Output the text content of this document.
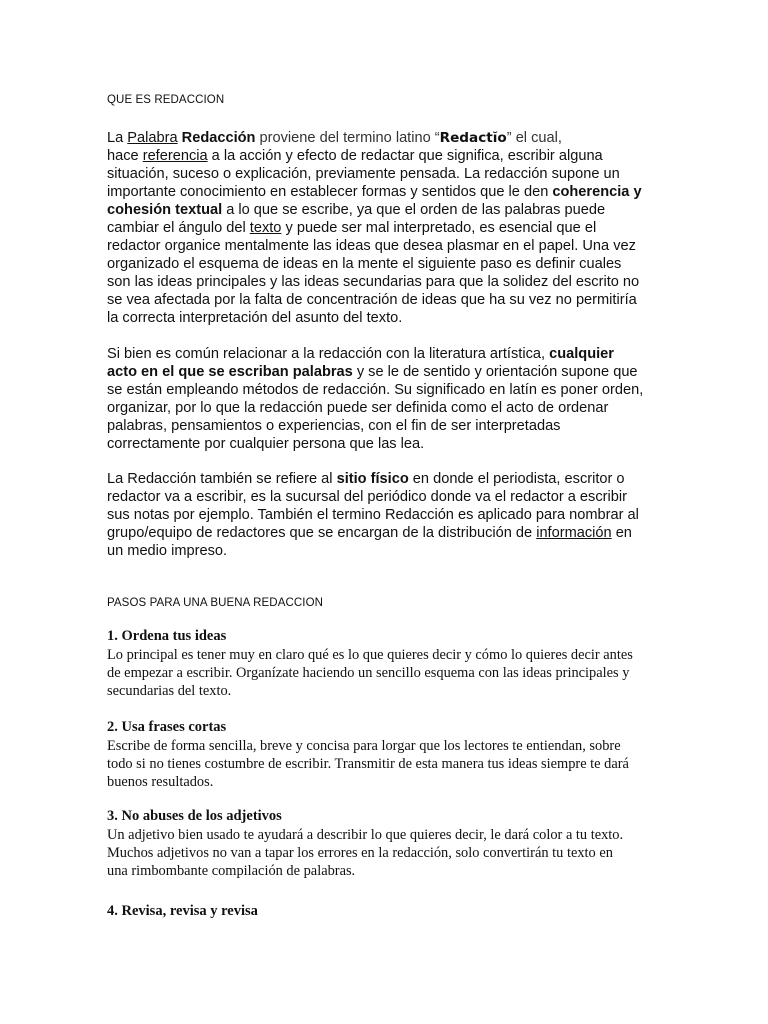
QUE ES REDACCION
La Palabra Redacción proviene del termino latino “Redactĭo” el cual,
hace referencia a la acción y efecto de redactar que significa, escribir alguna
situación, suceso o explicación, previamente pensada. La redacción supone un
importante conocimiento en establecer formas y sentidos que le den coherencia y
cohesión textual a lo que se escribe, ya que el orden de las palabras puede
cambiar el ángulo del texto y puede ser mal interpretado, es esencial que el
redactor organice mentalmente las ideas que desea plasmar en el papel. Una vez
organizado el esquema de ideas en la mente el siguiente paso es definir cuales
son las ideas principales y las ideas secundarias para que la solidez del escrito no
se vea afectada por la falta de concentración de ideas que ha su vez no permitiría
la correcta interpretación del asunto del texto.
Si bien es común relacionar a la redacción con la literatura artística, cualquier
acto en el que se escriban palabras y se le de sentido y orientación supone que
se están empleando métodos de redacción. Su significado en latín es poner orden,
organizar, por lo que la redacción puede ser definida como el acto de ordenar
palabras, pensamientos o experiencias, con el fin de ser interpretadas
correctamente por cualquier persona que las lea.
La Redacción también se refiere al sitio físico en donde el periodista, escritor o
redactor va a escribir, es la sucursal del periódico donde va el redactor a escribir
sus notas por ejemplo. También el termino Redacción es aplicado para nombrar al
grupo/equipo de redactores que se encargan de la distribución de información en
un medio impreso.
PASOS PARA UNA BUENA REDACCION
1. Ordena tus ideas
Lo principal es tener muy en claro qué es lo que quieres decir y cómo lo quieres decir antes
de empezar a escribir. Organízate haciendo un sencillo esquema con las ideas principales y
secundarias del texto.
2. Usa frases cortas
Escribe de forma sencilla, breve y concisa para lorgar que los lectores te entiendan, sobre
todo si no tienes costumbre de escribir. Transmitir de esta manera tus ideas siempre te dará
buenos resultados.
3. No abuses de los adjetivos
Un adjetivo bien usado te ayudará a describir lo que quieres decir, le dará color a tu texto.
Muchos adjetivos no van a tapar los errores en la redacción, solo convertirán tu texto en
una rimbombante compilación de palabras.
4. Revisa, revisa y revisa
